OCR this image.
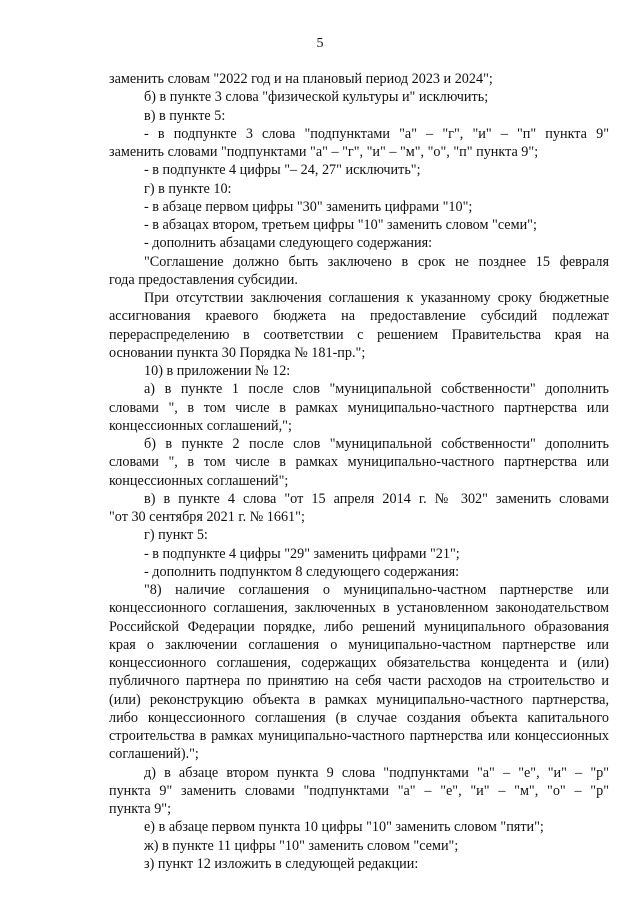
5
заменить словам "2022 год и на плановый период 2023 и 2024";
б) в пункте 3 слова "физической культуры и" исключить;
в) в пункте 5:
- в подпункте 3 слова "подпунктами "а" – "г", "и" – "п" пункта 9"
заменить словами "подпунктами "а" – "г", "и" – "м", "о", "п" пункта 9";
- в подпункте 4 цифры "– 24, 27" исключить";
г) в пункте 10:
- в абзаце первом цифры "30" заменить цифрами "10";
- в абзацах втором, третьем цифры "10" заменить словом "семи";
- дополнить абзацами следующего содержания:
"Соглашение должно быть заключено в срок не позднее 15 февраля
года предоставления субсидии.
При отсутствии заключения соглашения к указанному сроку бюджетные
ассигнования краевого бюджета на предоставление субсидий подлежат
перераспределению в соответствии с решением Правительства края на
основании пункта 30 Порядка № 181-пр.";
10) в приложении № 12:
а) в пункте 1 после слов "муниципальной собственности" дополнить
словами ", в том числе в рамках муниципально-частного партнерства или
концессионных соглашений,";
б) в пункте 2 после слов "муниципальной собственности" дополнить
словами ", в том числе в рамках муниципально-частного партнерства или
концессионных соглашений";
в) в пункте 4 слова "от 15 апреля 2014 г. № 302" заменить словами
"от 30 сентября 2021 г. № 1661";
г) пункт 5:
- в подпункте 4 цифры "29" заменить цифрами "21";
- дополнить подпунктом 8 следующего содержания:
"8) наличие соглашения о муниципально-частном партнерстве или
концессионного соглашения, заключенных в установленном законодательством
Российской Федерации порядке, либо решений муниципального образования
края о заключении соглашения о муниципально-частном партнерстве или
концессионного соглашения, содержащих обязательства концедента и (или)
публичного партнера по принятию на себя части расходов на строительство и
(или) реконструкцию объекта в рамках муниципально-частного партнерства,
либо концессионного соглашения (в случае создания объекта капитального
строительства в рамках муниципально-частного партнерства или концессионных
соглашений).";
д) в абзаце втором пункта 9 слова "подпунктами "а" – "е", "и" – "р"
пункта 9" заменить словами "подпунктами "а" – "е", "и" – "м", "о" – "р"
пункта 9";
е) в абзаце первом пункта 10 цифры "10" заменить словом "пяти";
ж) в пункте 11 цифры "10" заменить словом "семи";
з) пункт 12 изложить в следующей редакции:
